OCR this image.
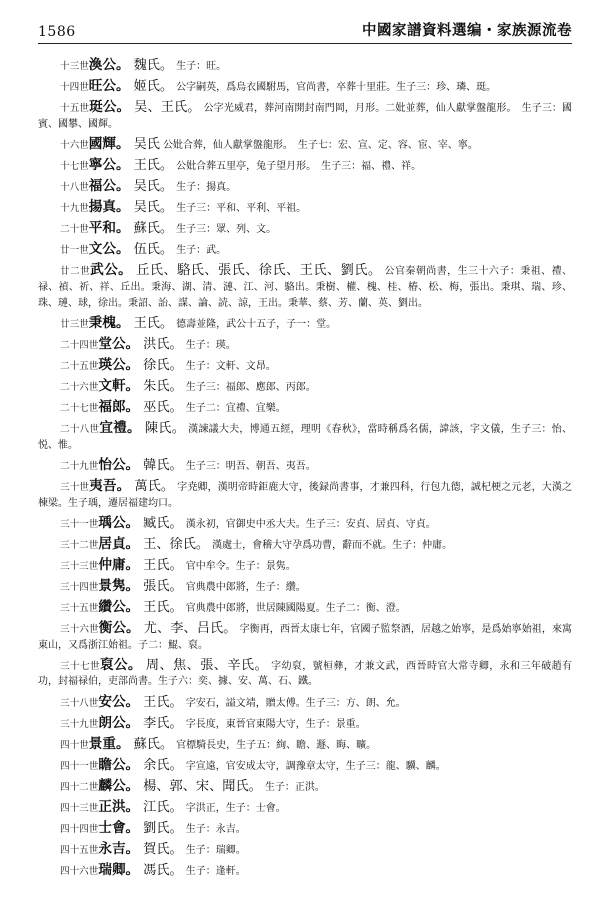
1586	中國家譜資料選编・家族源流卷

十三世渙公。 魏氏。 生子：旺。

十四世旺公。 姬氏。 公字嗣英，爲烏衣國駙馬，官尚書，卒葬十里莊。生子三：珍、璘、珽。

十五世珽公。 吴、王氏。 公字光威君，葬河南開封南門岡，月形。二妣並葬，仙人獻掌盤龍形。　生子三：國賓、國攀、國輝。

十六世國輝。 吴氏 公妣合葬，仙人獻掌盤龍形。　生子七：宏、宣、定、容、宦、宰、寧。

十七世寧公。 王氏。 公妣合葬五里亭，兔子望月形。　生子三：福、禮、祥。

十八世福公。 吴氏。 生子：揚真。

十九世揚真。 吴氏。 生子三：平和、平利、平祖。

二十世平和。 蘇氏。 生子三：眾、列、文。

廿一世文公。 伍氏。 生子：武。

廿二世武公。 丘氏、駱氏、張氏、徐氏、王氏、劉氏。 公官秦朝尚書，生三十六子：秉祖、禮、禄、禎、祈、祥、丘出。秉海、湖、清、漣、江、河、駱出。秉樹、權、槐、桂、椿、松、梅，張出。秉琪、瑞、珍、珠、璉、球，徐出。秉詔、詒、謀、論、読、諒，王出。秉華、蔡、芳、蘭、英、劉出。

廿三世秉槐。 王氏。 德壽並隆，武公十五子，子一：堂。

二十四世堂公。 洪氏。 生子：瑛。

二十五世瑛公。 徐氏。 生子：文軒、文昂。

二十六世文軒。 朱氏。 生子三：福郎、應郎、丙郎。

二十七世福郎。 巫氏。 生子二：宜禮、宜樂。

二十八世宜禮。 陳氏。 漢諫議大夫，博通五經，理明《春秋》，當時稱爲名儒，諱該，字文儀，生子三：怡、悦、惟。

二十九世怡公。 韓氏。 生子三：明吾、朝吾、夷吾。

三十世夷吾。 萬氏。 字尭卿，漢明帝時鉅鹿大守，後録尚書事，才兼四科，行包九德，誠杞梗之元老，大漢之棟梁。生子瑀，遷居福建均口。

三十一世瑀公。 臧氏。 漢永初，官御史中丞大夫。生子三：安貞、居貞、守貞。

三十二世居貞。 王、徐氏。 漢處士，會稽大守孕爲功曹，辭而不就。生子：仲庸。

三十三世仲庸。 王氏。 官中牟令。生子：景隽。

三十四世景隽。 張氏。 官典農中郎將，生子：纘。

三十五世纘公。 王氏。 官典農中郎將，世居陳國陽夏。生子二：衡、澄。

三十六世衡公。 尤、李、吕氏。 字衡再，西晉太康七年，官國子監祭酒，居越之始寧，是爲始寧始祖，來寓東山，又爲浙江始祖。子二：鯤、裒。

三十七世裒公。 周、焦、張、辛氏。 字幼裒，號桓彝，才兼文武，西晉時官大常寺卿，永和三年破趙有功，封福禄伯，吏部尚書。生子六：奕、據、安、萬、石、鐵。

三十八世安公。 王氏。 字安石，謚文靖，贈太傅。生子三：方、朗、允。

三十九世朗公。 李氏。 字長度，東晉官東陽大守，生子：景重。

四十世景重。 蘇氏。 官標騎長史，生子五：絢、瞻、遯、晦、曠。

四十一世瞻公。 余氏。 字宣遠，官安成太守，調豫章太守，生子三：龍、驥、麟。

四十二世麟公。 楊、郭、宋、聞氏。 生子：正洪。

四十三世正洪。 江氏。 字洪正，生子：士會。

四十四世士會。 劉氏。 生子：永吉。

四十五世永吉。 賀氏。 生子：瑞卿。

四十六世瑞卿。 馮氏。 生子：逢軒。
